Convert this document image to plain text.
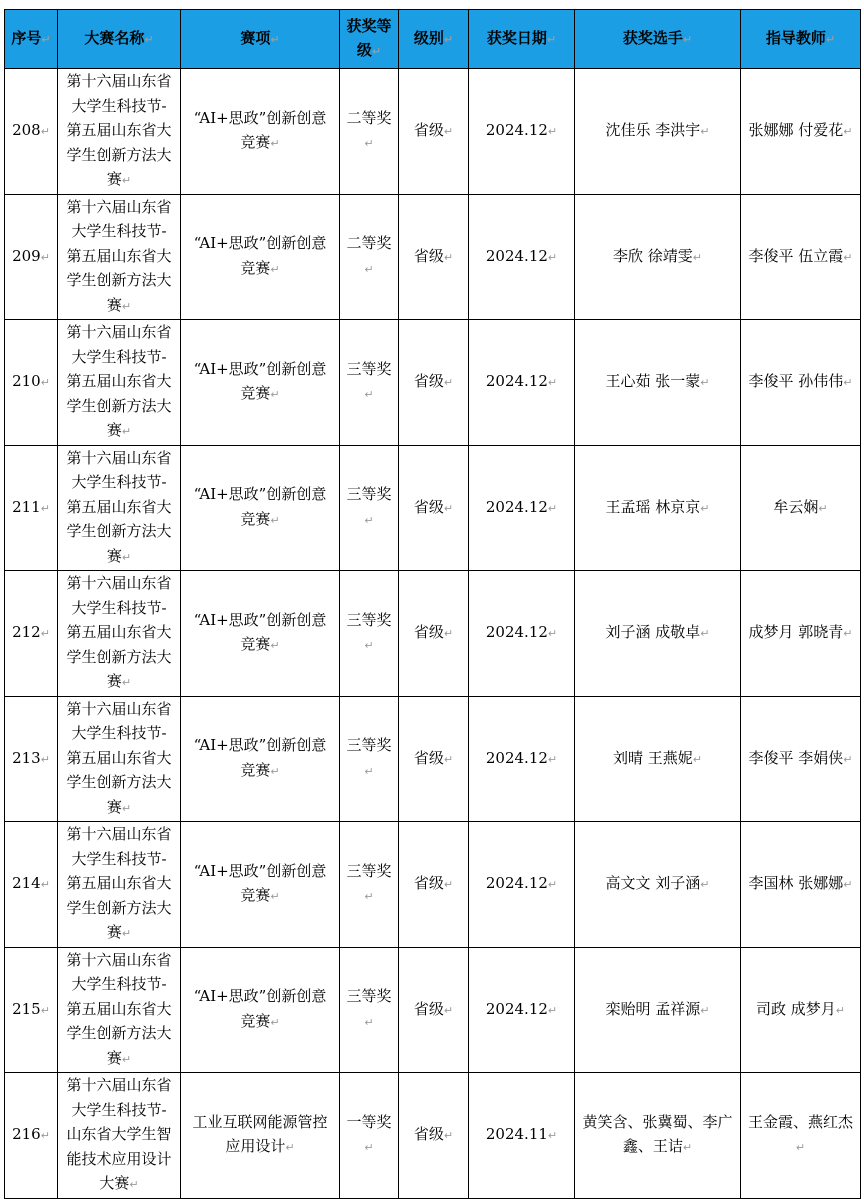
序号↵	大赛名称↵	赛项↵	获奖等级↵	级别↵	获奖日期↵	获奖选手↵	指导教师↵
208↵	第十六届山东省大学生科技节-第五届山东省大学生创新方法大赛↵	“AI+思政”创新创意竞赛↵	二等奖↵	省级↵	2024.12↵	沈佳乐 李洪宇↵	张娜娜 付爱花↵
209↵	第十六届山东省大学生科技节-第五届山东省大学生创新方法大赛↵	“AI+思政”创新创意竞赛↵	二等奖↵	省级↵	2024.12↵	李欣 徐靖雯↵	李俊平 伍立霞↵
210↵	第十六届山东省大学生科技节-第五届山东省大学生创新方法大赛↵	“AI+思政”创新创意竞赛↵	三等奖↵	省级↵	2024.12↵	王心茹 张一蒙↵	李俊平 孙伟伟↵
211↵	第十六届山东省大学生科技节-第五届山东省大学生创新方法大赛↵	“AI+思政”创新创意竞赛↵	三等奖↵	省级↵	2024.12↵	王孟瑶 林京京↵	牟云娴↵
212↵	第十六届山东省大学生科技节-第五届山东省大学生创新方法大赛↵	“AI+思政”创新创意竞赛↵	三等奖↵	省级↵	2024.12↵	刘子涵 成敬卓↵	成梦月 郭晓青↵
213↵	第十六届山东省大学生科技节-第五届山东省大学生创新方法大赛↵	“AI+思政”创新创意竞赛↵	三等奖↵	省级↵	2024.12↵	刘晴 王燕妮↵	李俊平 李娟侠↵
214↵	第十六届山东省大学生科技节-第五届山东省大学生创新方法大赛↵	“AI+思政”创新创意竞赛↵	三等奖↵	省级↵	2024.12↵	高文文 刘子涵↵	李国林 张娜娜↵
215↵	第十六届山东省大学生科技节-第五届山东省大学生创新方法大赛↵	“AI+思政”创新创意竞赛↵	三等奖↵	省级↵	2024.12↵	栾贻明 孟祥源↵	司政 成梦月↵
216↵	第十六届山东省大学生科技节-山东省大学生智能技术应用设计大赛↵	工业互联网能源管控应用设计↵	一等奖↵	省级↵	2024.11↵	黄笑含、张冀蜀、李广鑫、王诘↵	王金霞、燕红杰↵
